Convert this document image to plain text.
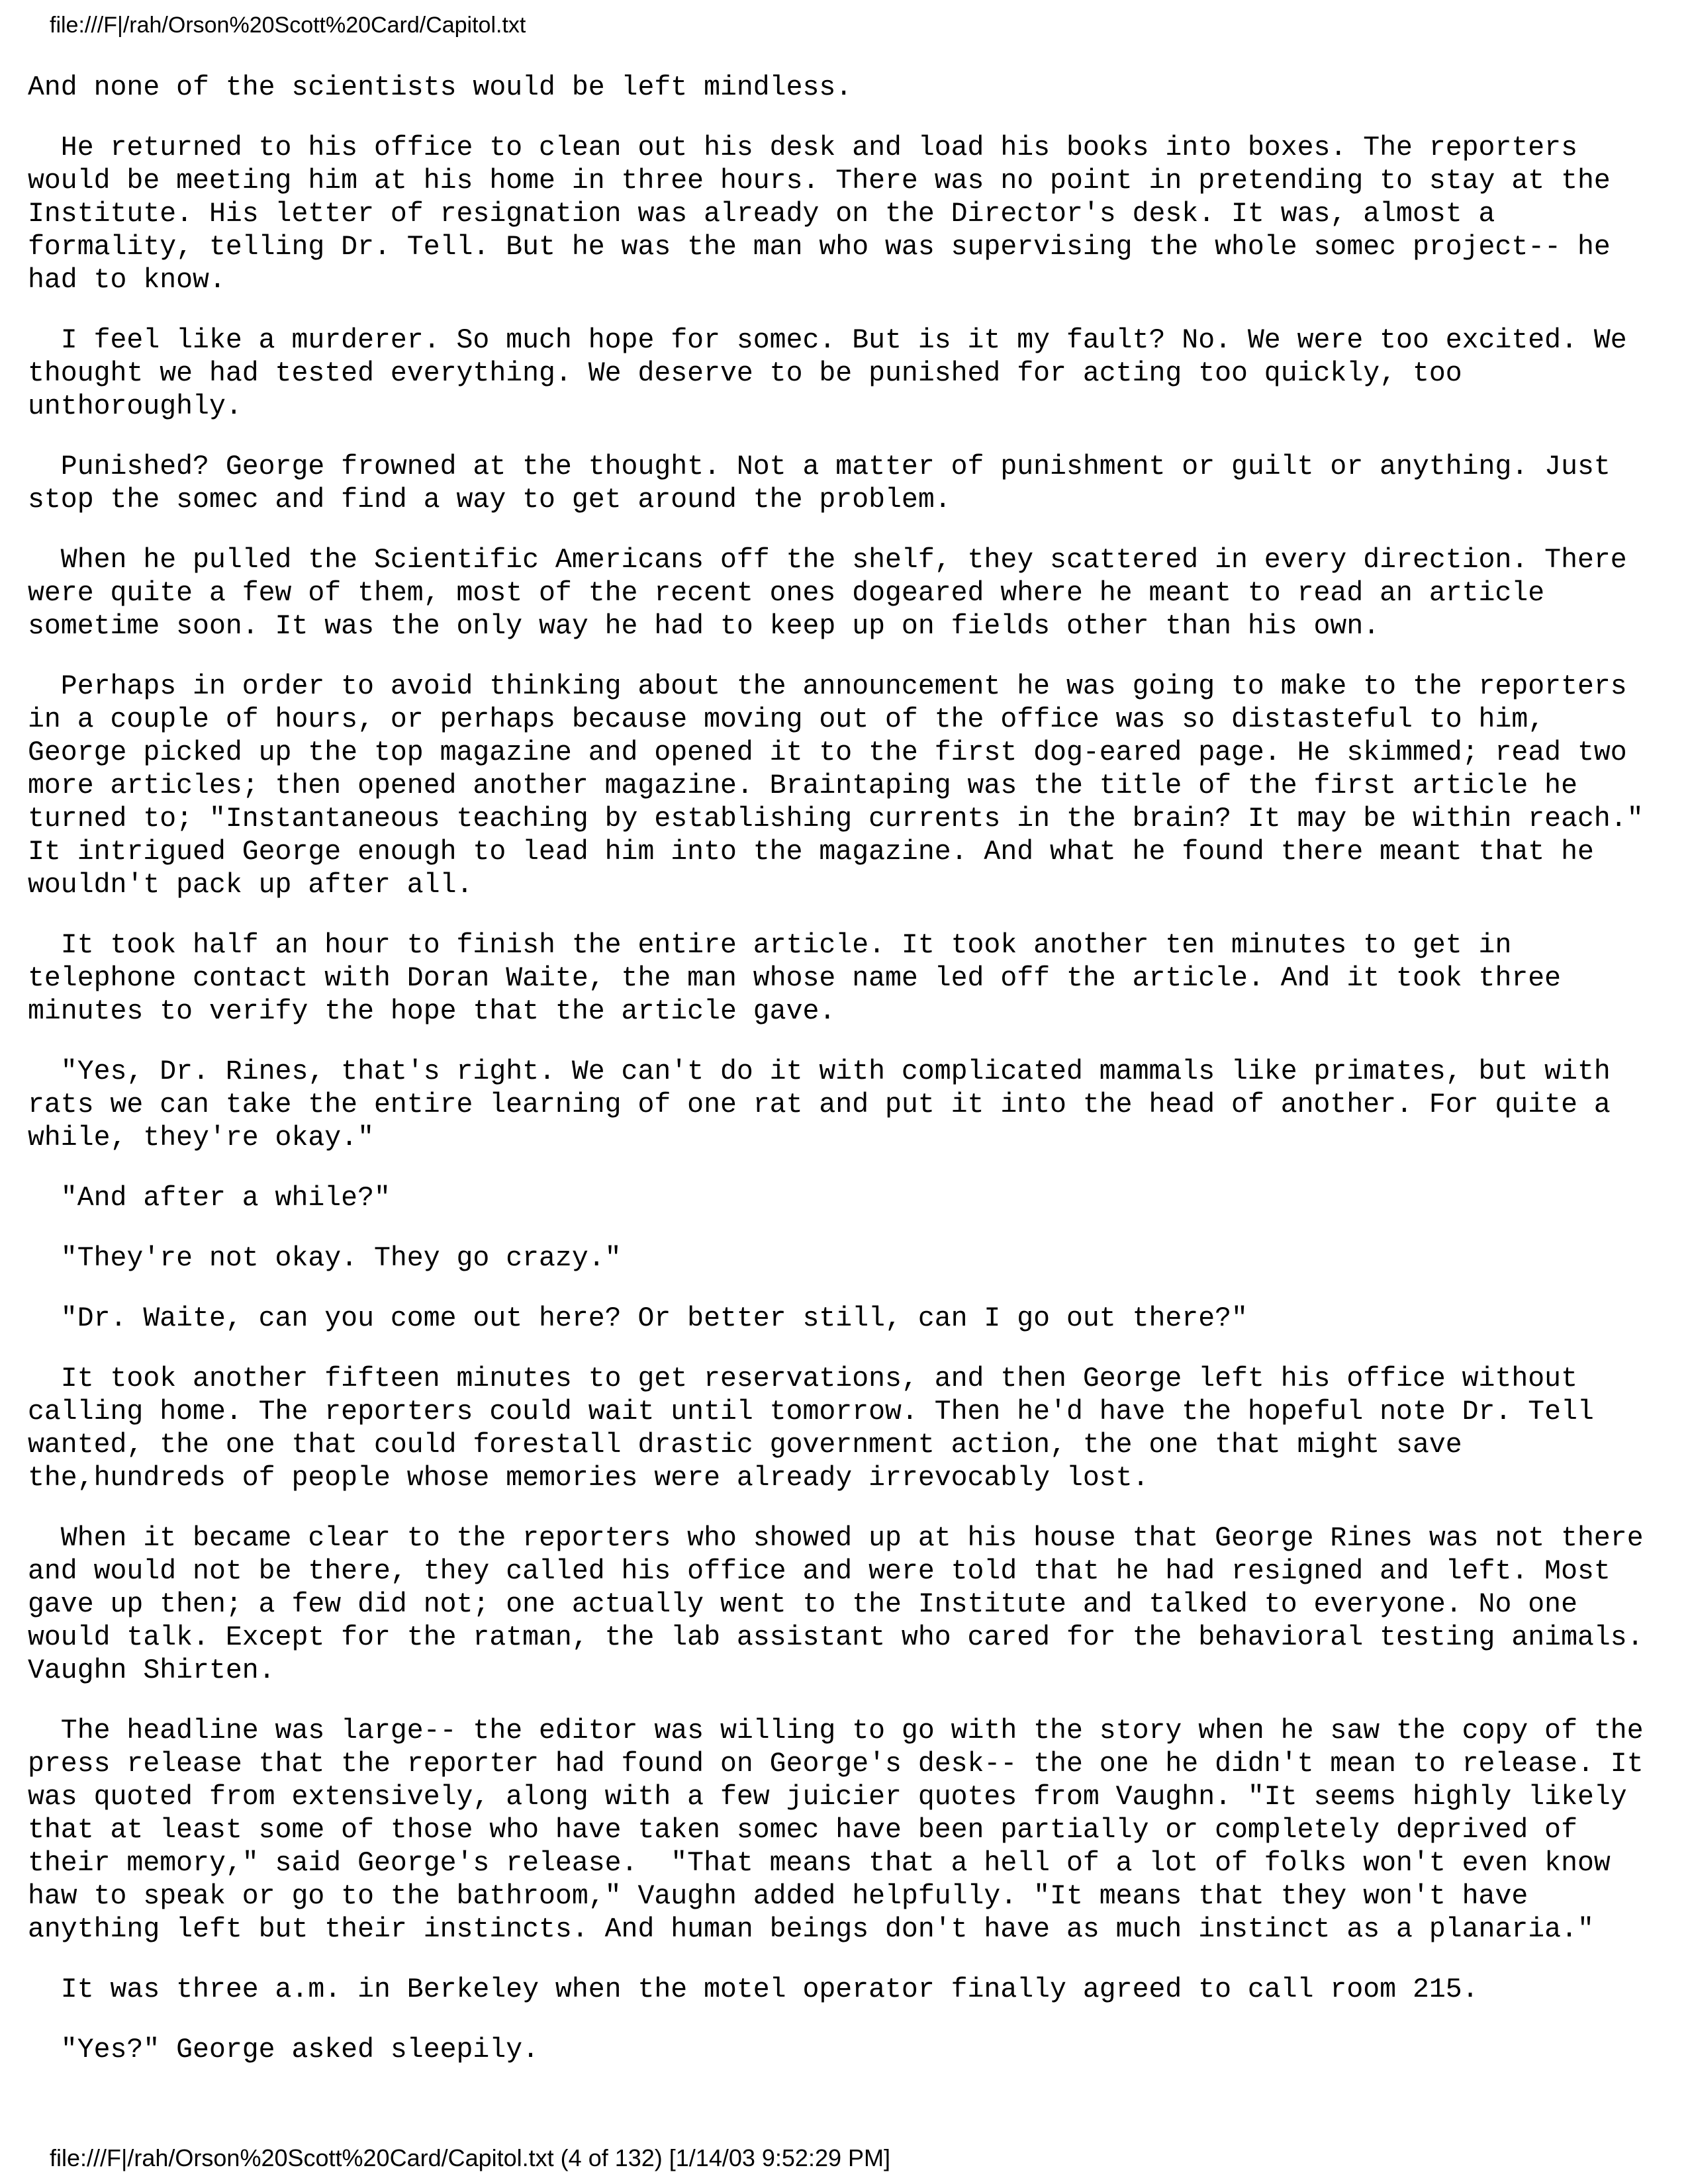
file:///F|/rah/Orson%20Scott%20Card/Capitol.txt

And none of the scientists would be left mindless.

He returned to his office to clean out his desk and load his books into boxes. The reporters
would be meeting him at his home in three hours. There was no point in pretending to stay at the
Institute. His letter of resignation was already on the Director's desk. It was, almost a
formality, telling Dr. Tell. But he was the man who was supervising the whole somec project-- he
had to know.

I feel like a murderer. So much hope for somec. But is it my fault? No. We were too excited. We
thought we had tested everything. We deserve to be punished for acting too quickly, too
unthoroughly.

Punished? George frowned at the thought. Not a matter of punishment or guilt or anything. Just
stop the somec and find a way to get around the problem.

When he pulled the Scientific Americans off the shelf, they scattered in every direction. There
were quite a few of them, most of the recent ones dogeared where he meant to read an article
sometime soon. It was the only way he had to keep up on fields other than his own.

Perhaps in order to avoid thinking about the announcement he was going to make to the reporters
in a couple of hours, or perhaps because moving out of the office was so distasteful to him,
George picked up the top magazine and opened it to the first dog-eared page. He skimmed; read two
more articles; then opened another magazine. Braintaping was the title of the first article he
turned to; "Instantaneous teaching by establishing currents in the brain? It may be within reach."
It intrigued George enough to lead him into the magazine. And what he found there meant that he
wouldn't pack up after all.

It took half an hour to finish the entire article. It took another ten minutes to get in
telephone contact with Doran Waite, the man whose name led off the article. And it took three
minutes to verify the hope that the article gave.

"Yes, Dr. Rines, that's right. We can't do it with complicated mammals like primates, but with
rats we can take the entire learning of one rat and put it into the head of another. For quite a
while, they're okay."

"And after a while?"

"They're not okay. They go crazy."

"Dr. Waite, can you come out here? Or better still, can I go out there?"

It took another fifteen minutes to get reservations, and then George left his office without
calling home. The reporters could wait until tomorrow. Then he'd have the hopeful note Dr. Tell
wanted, the one that could forestall drastic government action, the one that might save
the,hundreds of people whose memories were already irrevocably lost.

When it became clear to the reporters who showed up at his house that George Rines was not there
and would not be there, they called his office and were told that he had resigned and left. Most
gave up then; a few did not; one actually went to the Institute and talked to everyone. No one
would talk. Except for the ratman, the lab assistant who cared for the behavioral testing animals.
Vaughn Shirten.

The headline was large-- the editor was willing to go with the story when he saw the copy of the
press release that the reporter had found on George's desk-- the one he didn't mean to release. It
was quoted from extensively, along with a few juicier quotes from Vaughn. "It seems highly likely
that at least some of those who have taken somec have been partially or completely deprived of
their memory," said George's release.  "That means that a hell of a lot of folks won't even know
haw to speak or go to the bathroom," Vaughn added helpfully. "It means that they won't have
anything left but their instincts. And human beings don't have as much instinct as a planaria."

It was three a.m. in Berkeley when the motel operator finally agreed to call room 215.

"Yes?" George asked sleepily.

file:///F|/rah/Orson%20Scott%20Card/Capitol.txt (4 of 132) [1/14/03 9:52:29 PM]
